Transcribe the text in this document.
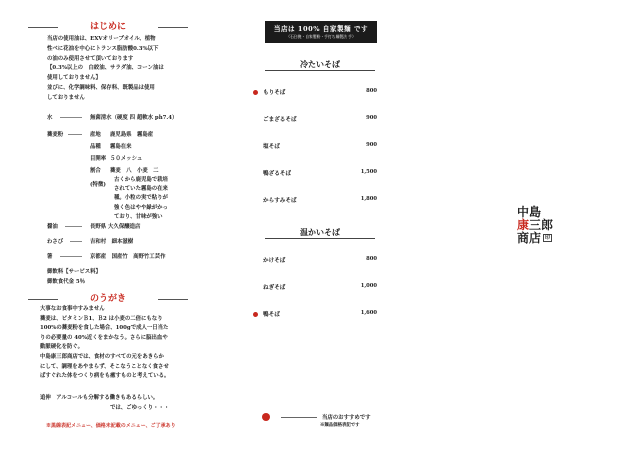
はじめに
当店の使用油は、EXVオリーブオイル、植物
性べに花油を中心にトランス脂肪酸0.3%以下
の油のみ使用させて頂いております
【0.3%以上の　白絞油、サラダ油、コーン油は
使用しておりません】
並びに、化学調味料、保存料、既製品は使用
しておりません
水	無菌清水（硬度 四 超軟水 ph7.4）
蕎麦粉	産地 鹿児島県　霧島産
品種 霧島在来
目開率 ５０メッシュ
割合 蕎麦　八　小麦　二
(特徴)
古くから鹿児島で栽培
されていた霧島の在来
種。小粒の実で粘りが
強く色はやや緑がかっ
ており、甘味が強い
醤油	長野県 大久保醸造店
わさび	吉和村　細本滋樹
箸	京都産　国産竹　高野竹工芸作
御飲料【サービス料】
御飲食代金 5％
のうがき
大事なお食事中すみません
蕎麦は、ビタミンＢ1、Ｂ2 は小麦の二倍にもなり
100%の蕎麦粉を食した場合、100gで成人一日当た
りの必要量の 40%近くをまかなう。さらに脳出血や
動脈硬化を防ぐ。
中島康三郎商店では、食材のすべての元をあきらか
にして、調理をあやまらず、そこなうことなく食させ
ばすぐれた体をつくり病をも癒すものと考えている。
追伸　アルコールも分解する働きもあるらしい。
では、ごゆっくり・・・
※黒線表記メニュー、価格未記載のメニュー、ご了承あり
当店は 100% 自家製麺 です
（石臼挽・自家製粉・手打ち麺製法 手）
冷たいそば
もりそば	800
ごまざるそば	900
塩そば	900
鴨ざるそば	1,500
からすみそば	1,800
温かいそば
かけそば	800
ねぎそば	1,000
鴨そば	1,600
当店のおすすめです
※麺品価格表記です
中島
康三郎
商店 印
